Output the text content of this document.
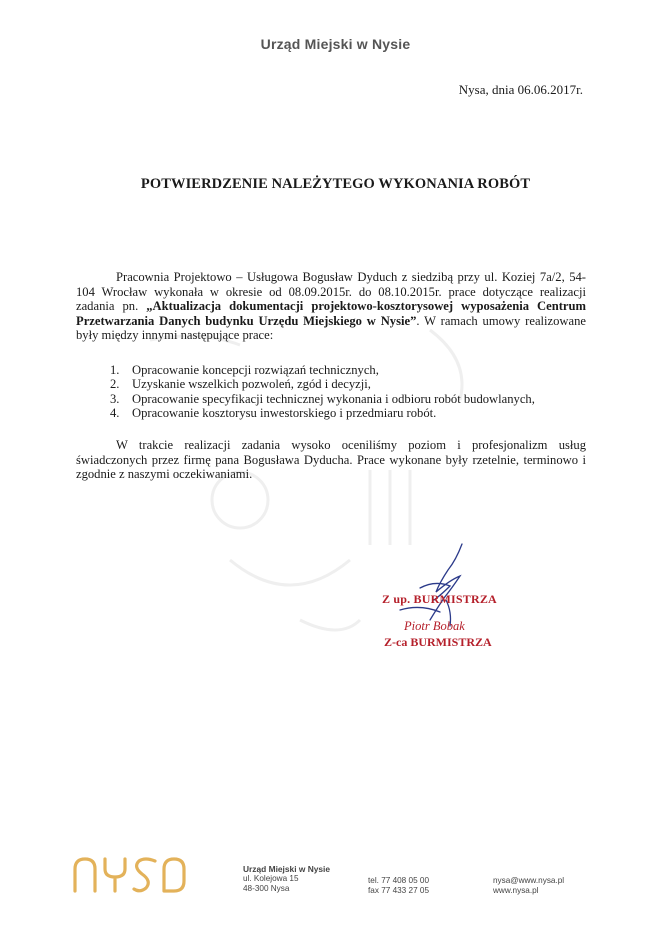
Urząd Miejski w Nysie
Nysa, dnia 06.06.2017r.
POTWIERDZENIE NALEŻYTEGO WYKONANIA ROBÓT
Pracownia Projektowo – Usługowa Bogusław Dyduch z siedzibą przy ul. Koziej 7a/2, 54-104 Wrocław wykonała w okresie od 08.09.2015r. do 08.10.2015r. prace dotyczące realizacji zadania pn. „Aktualizacja dokumentacji projektowo-kosztorysowej wyposażenia Centrum Przetwarzania Danych budynku Urzędu Miejskiego w Nysie”. W ramach umowy realizowane były między innymi następujące prace:
1. Opracowanie koncepcji rozwiązań technicznych,
2. Uzyskanie wszelkich pozwoleń, zgód i decyzji,
3. Opracowanie specyfikacji technicznej wykonania i odbioru robót budowlanych,
4. Opracowanie kosztorysu inwestorskiego i przedmiaru robót.
W trakcie realizacji zadania wysoko oceniliśmy poziom i profesjonalizm usług świadczonych przez firmę pana Bogusława Dyducha. Prace wykonane były rzetelnie, terminowo i zgodnie z naszymi oczekiwaniami.
Z up. BURMISTRZA
Piotr Bobak
Z-ca BURMISTRZA
Urząd Miejski w Nysie
ul. Kolejowa 15
48-300 Nysa
tel. 77 408 05 00
fax 77 433 27 05
nysa@www.nysa.pl
www.nysa.pl
